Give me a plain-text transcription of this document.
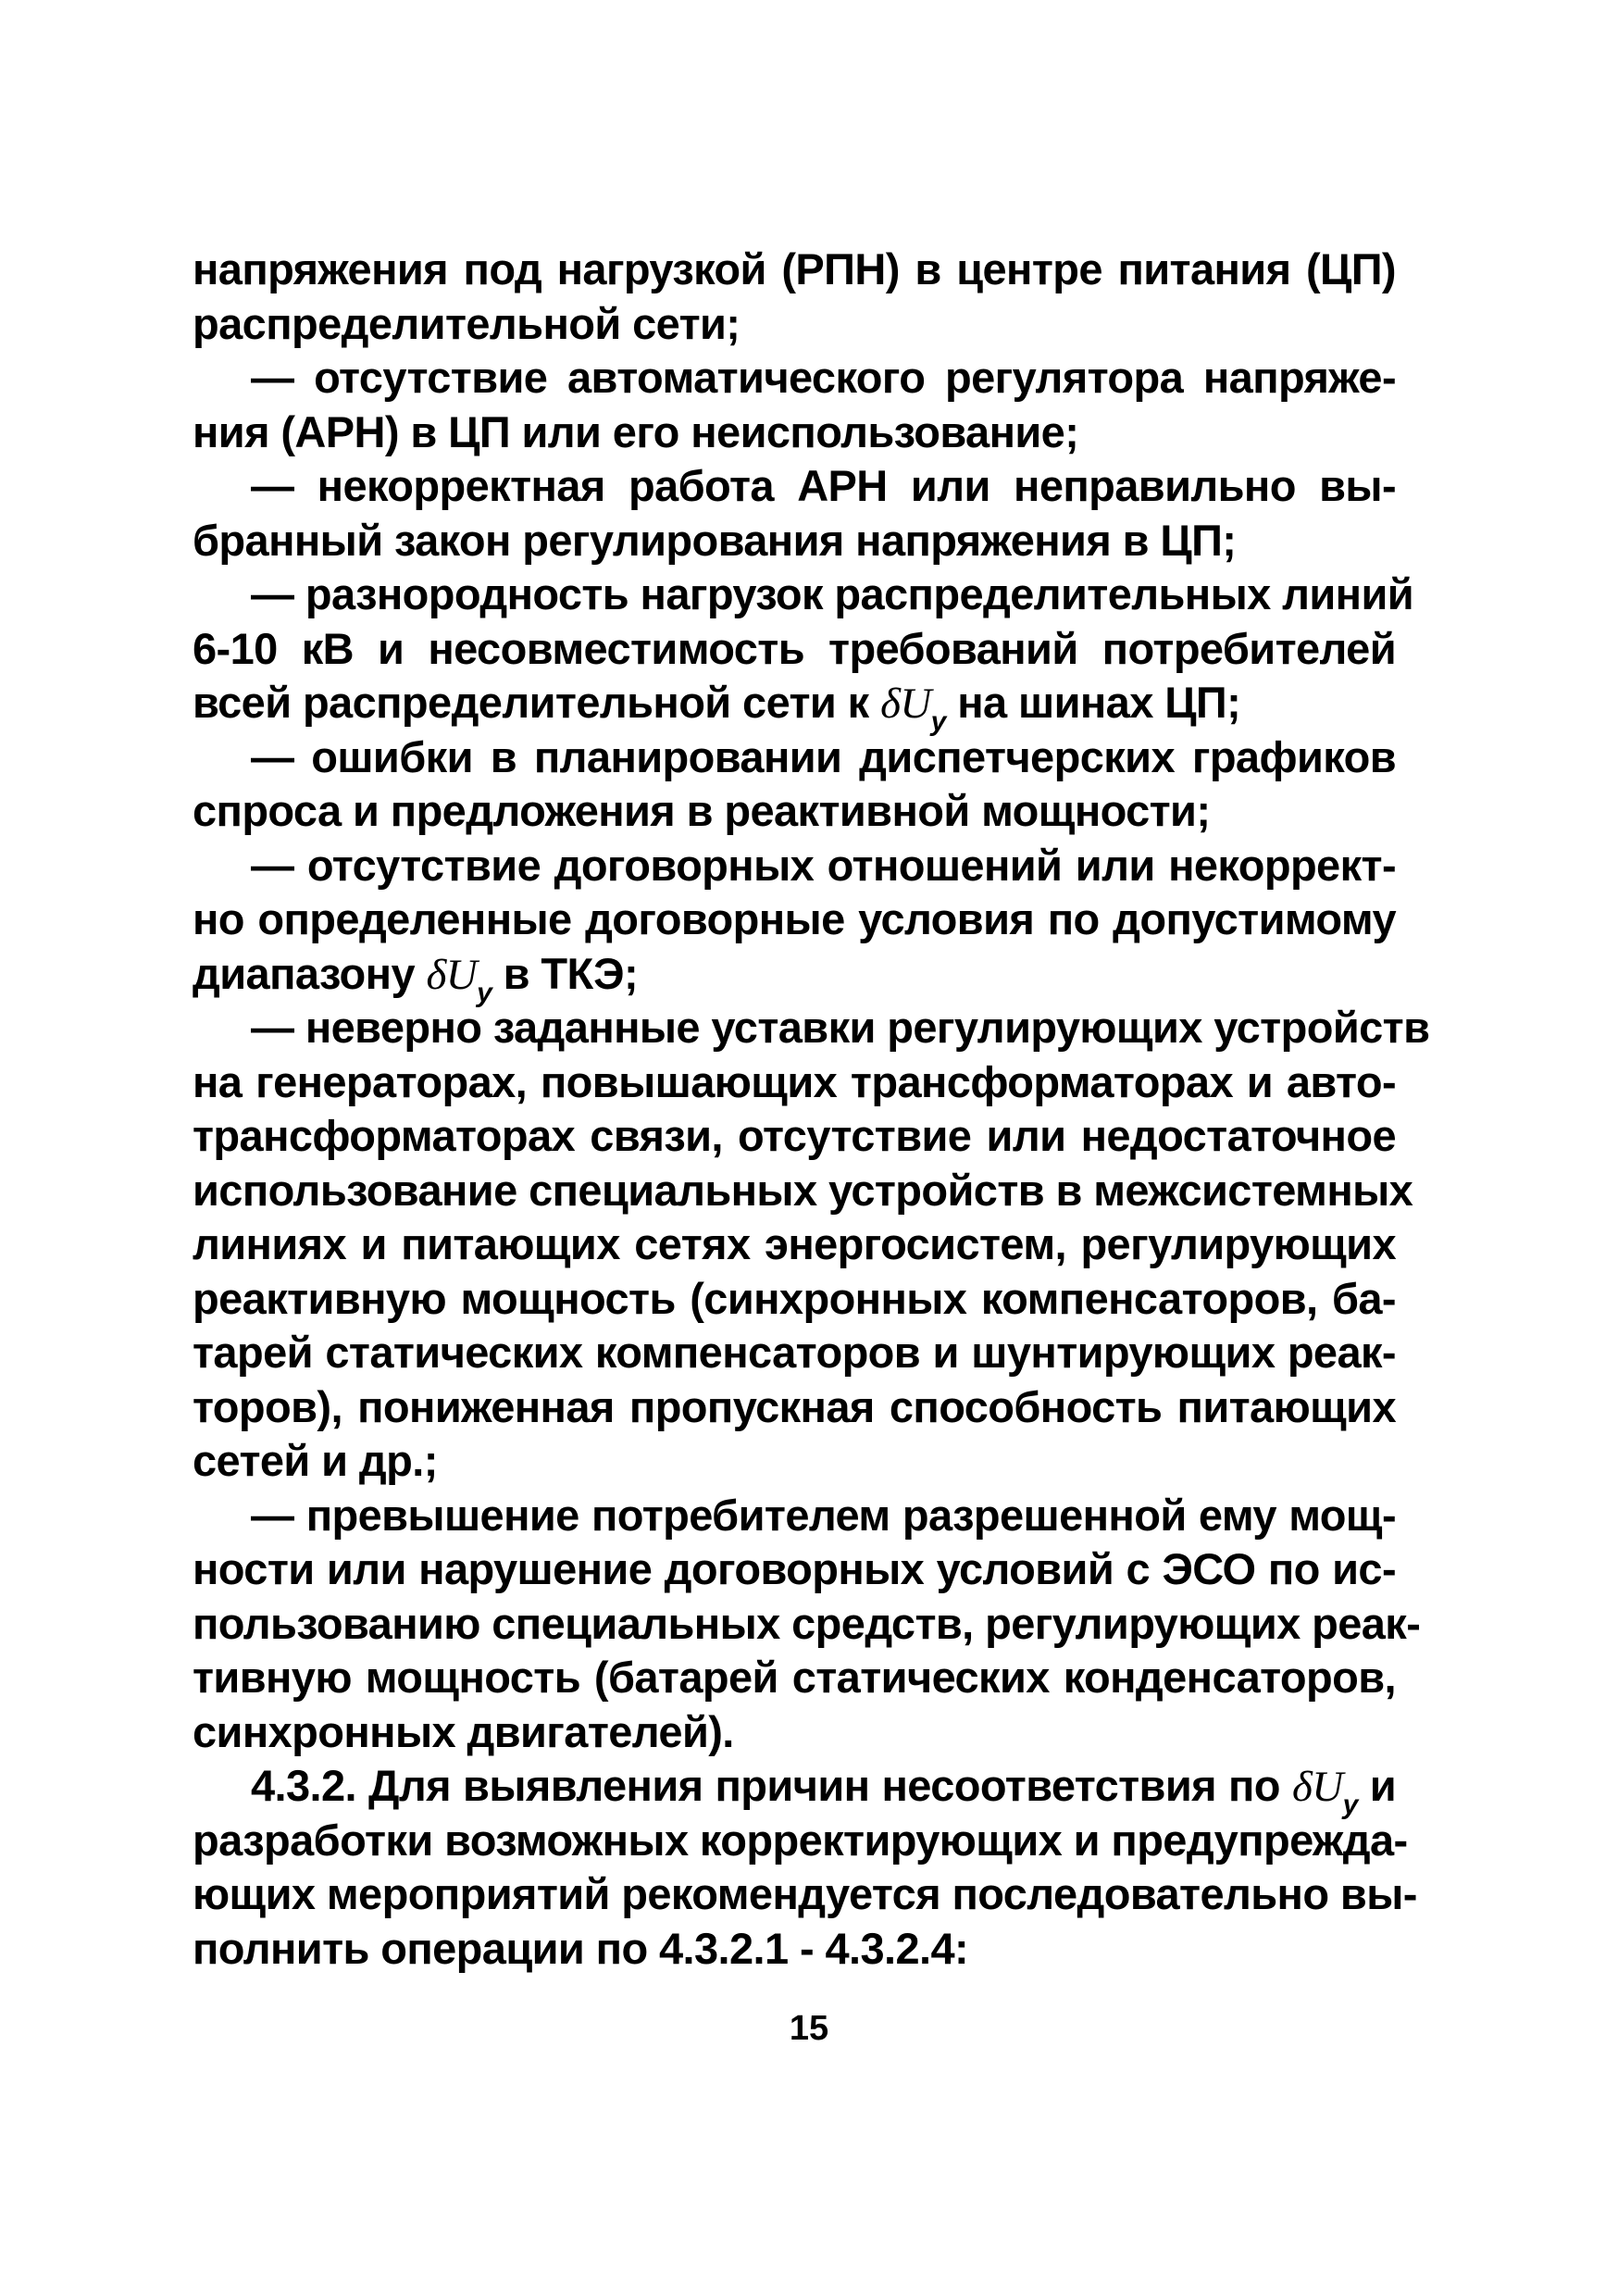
напряжения под нагрузкой (РПН) в центре питания (ЦП)
распределительной сети;
— отсутствие автоматического регулятора напряже-
ния (АРН) в ЦП или его неиспользование;
— некорректная работа АРН или неправильно вы-
бранный закон регулирования напряжения в ЦП;
— разнородность нагрузок распределительных линий
6-10 кВ и несовместимость требований потребителей
всей распределительной сети к $\delta U_у$ на шинах ЦП;
— ошибки в планировании диспетчерских графиков
спроса и предложения в реактивной мощности;
— отсутствие договорных отношений или некоррект-
но определенные договорные условия по допустимому
диапазону $\delta U_у$ в ТКЭ;
— неверно заданные уставки регулирующих устройств
на генераторах, повышающих трансформаторах и авто-
трансформаторах связи, отсутствие или недостаточное
использование специальных устройств в межсистемных
линиях и питающих сетях энергосистем, регулирующих
реактивную мощность (синхронных компенсаторов, ба-
тарей статических компенсаторов и шунтирующих реак-
торов), пониженная пропускная способность питающих
сетей и др.;
— превышение потребителем разрешенной ему мощ-
ности или нарушение договорных условий с ЭСО по ис-
пользованию специальных средств, регулирующих реак-
тивную мощность (батарей статических конденсаторов,
синхронных двигателей).
4.3.2. Для выявления причин несоответствия по $\delta U_у$ и
разработки возможных корректирующих и предупрежда-
ющих мероприятий рекомендуется последовательно вы-
полнить операции по 4.3.2.1 - 4.3.2.4:
15
